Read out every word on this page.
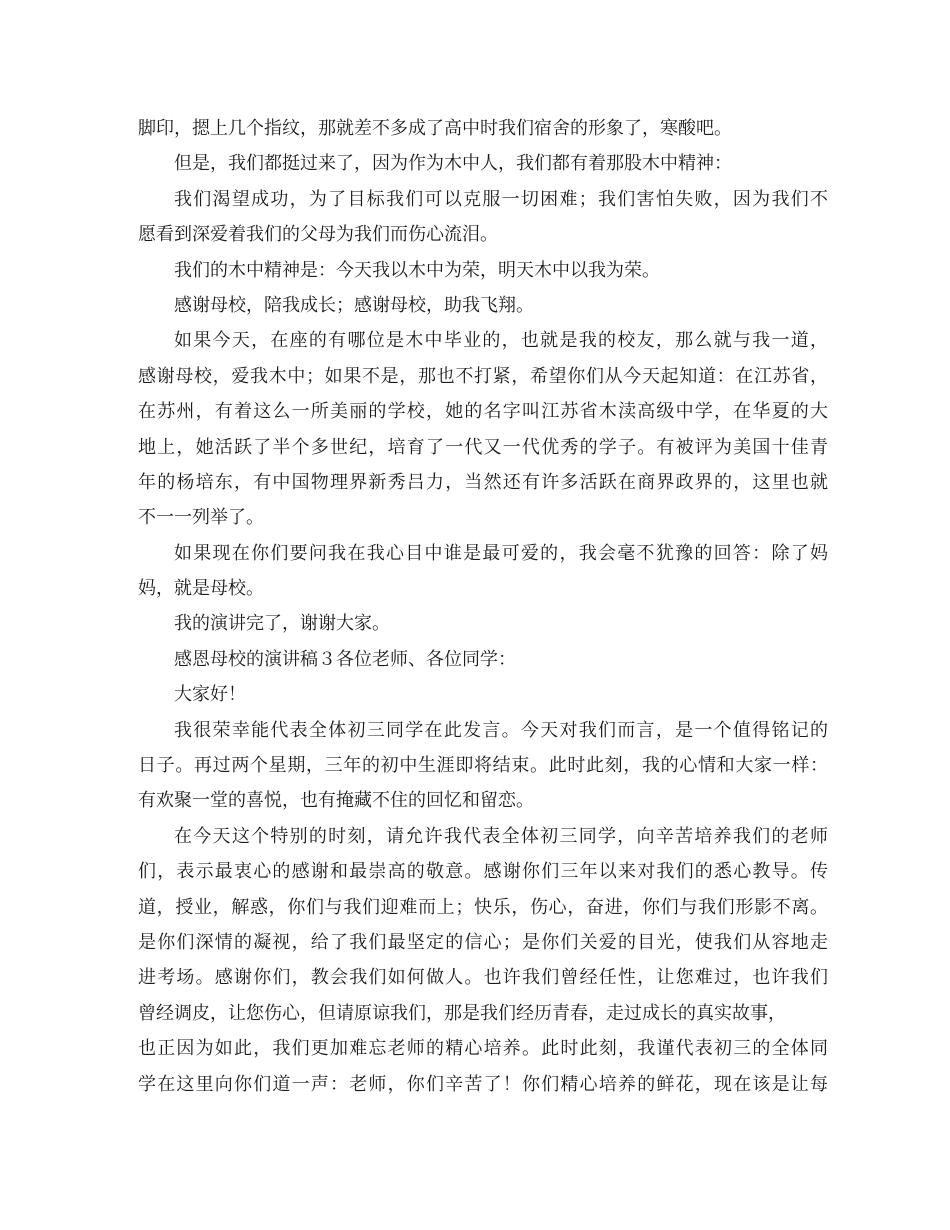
脚印，摁上几个指纹，那就差不多成了高中时我们宿舍的形象了，寒酸吧。
但是，我们都挺过来了，因为作为木中人，我们都有着那股木中精神：
我们渴望成功，为了目标我们可以克服一切困难；我们害怕失败，因为我们不
愿看到深爱着我们的父母为我们而伤心流泪。
我们的木中精神是：今天我以木中为荣，明天木中以我为荣。
感谢母校，陪我成长；感谢母校，助我飞翔。
如果今天，在座的有哪位是木中毕业的，也就是我的校友，那么就与我一道，
感谢母校，爱我木中；如果不是，那也不打紧，希望你们从今天起知道：在江苏省，
在苏州，有着这么一所美丽的学校，她的名字叫江苏省木渎高级中学，在华夏的大
地上，她活跃了半个多世纪，培育了一代又一代优秀的学子。有被评为美国十佳青
年的杨培东，有中国物理界新秀吕力，当然还有许多活跃在商界政界的，这里也就
不一一列举了。
如果现在你们要问我在我心目中谁是最可爱的，我会毫不犹豫的回答：除了妈
妈，就是母校。
我的演讲完了，谢谢大家。
感恩母校的演讲稿３各位老师、各位同学：
大家好！
我很荣幸能代表全体初三同学在此发言。今天对我们而言，是一个值得铭记的
日子。再过两个星期，三年的初中生涯即将结束。此时此刻，我的心情和大家一样：
有欢聚一堂的喜悦，也有掩藏不住的回忆和留恋。
在今天这个特别的时刻，请允许我代表全体初三同学，向辛苦培养我们的老师
们，表示最衷心的感谢和最崇高的敬意。感谢你们三年以来对我们的悉心教导。传
道，授业，解惑，你们与我们迎难而上；快乐，伤心，奋进，你们与我们形影不离。
是你们深情的凝视，给了我们最坚定的信心；是你们关爱的目光，使我们从容地走
进考场。感谢你们，教会我们如何做人。也许我们曾经任性，让您难过，也许我们
曾经调皮，让您伤心，但请原谅我们，那是我们经历青春，走过成长的真实故事，
也正因为如此，我们更加难忘老师的精心培养。此时此刻，我谨代表初三的全体同
学在这里向你们道一声：老师，你们辛苦了！你们精心培养的鲜花，现在该是让每
